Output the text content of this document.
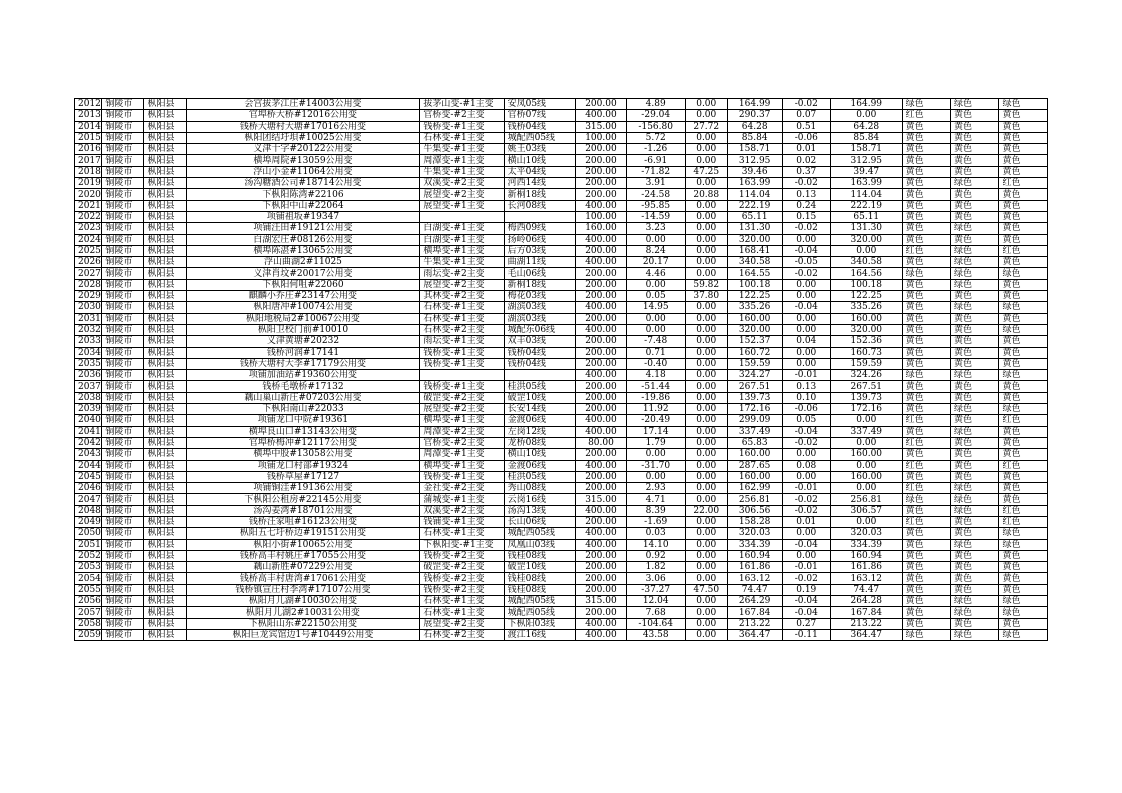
2012	铜陵市	枞阳县	会宫拔茅江庄#14003公用变	拔茅山变-#1主变	安凤05线	200.00	4.89	0.00	164.99	-0.02	164.99	绿色	绿色	绿色
2013	铜陵市	枞阳县	官埠桥大桥#12016公用变	官桥变-#2主变	官桥07线	400.00	-29.04	0.00	290.37	0.07	0.00	红色	黄色	黄色
2014	铜陵市	枞阳县	钱桥大塘村大塘#17016公用变	钱桥变-#1主变	钱桥04线	315.00	-156.80	27.72	64.28	0.51	64.28	黄色	黄色	黄色
2015	铜陵市	枞阳县	枞阳团结圩垻#10025公用变	石林变-#1主变	城配西05线	100.00	5.72	0.00	85.84	-0.06	85.84	黄色	黄色	黄色
2016	铜陵市	枞阳县	义津十字#20122公用变	牛集变-#1主变	姚王03线	200.00	-1.26	0.00	158.71	0.01	158.71	黄色	黄色	黄色
2017	铜陵市	枞阳县	横埠周院#13059公用变	周潭变-#1主变	横山10线	200.00	-6.91	0.00	312.95	0.02	312.95	黄色	黄色	黄色
2018	铜陵市	枞阳县	浮山小金#11064公用变	牛集变-#1主变	太平04线	200.00	-71.82	47.25	39.46	0.37	39.47	黄色	黄色	黄色
2019	铜陵市	枞阳县	汤沟糖酒公司#18714公用变	双溪变-#2主变	河西14线	200.00	3.91	0.00	163.99	-0.02	163.99	黄色	绿色	红色
2020	铜陵市	枞阳县	下枞阳陈湾#22106	展望变-#2主变	新桐18线	200.00	-24.58	20.88	114.04	0.13	114.04	黄色	黄色	黄色
2021	铜陵市	枞阳县	下枞阳中山#22064	展望变-#1主变	长河08线	400.00	-95.85	0.00	222.19	0.24	222.19	黄色	黄色	黄色
2022	铜陵市	枞阳县	项铺祖坂#19347			100.00	-14.59	0.00	65.11	0.15	65.11	黄色	黄色	黄色
2023	铜陵市	枞阳县	项铺汪田#19121公用变	白湖变-#1主变	梅西09线	160.00	3.23	0.00	131.30	-0.02	131.30	黄色	绿色	黄色
2024	铜陵市	枞阳县	白湖宏庄#08126公用变	白湖变-#1主变	扬岭06线	400.00	0.00	0.00	320.00	0.00	320.00	黄色	黄色	黄色
2025	铜陵市	枞阳县	横埠陈湛#13065公用变	横埠变-#1主变	后方03线	200.00	8.24	0.00	168.41	-0.04	0.00	红色	绿色	红色
2026	铜陵市	枞阳县	浮山曲湖2#11025	牛集变-#1主变	曲湖11线	400.00	20.17	0.00	340.58	-0.05	340.58	黄色	绿色	黄色
2027	铜陵市	枞阳县	义津肖坟#20017公用变	雨坛变-#2主变	毛山06线	200.00	4.46	0.00	164.55	-0.02	164.56	绿色	绿色	绿色
2028	铜陵市	枞阳县	下枞阳何咀#22060	展望变-#2主变	新桐18线	200.00	0.00	59.82	100.18	0.00	100.18	黄色	绿色	黄色
2029	铜陵市	枞阳县	麒麟小乔庄#23147公用变	其林变-#2主变	梅花03线	200.00	0.05	37.80	122.25	0.00	122.25	黄色	黄色	黄色
2030	铜陵市	枞阳县	枞阳唐冲#10074公用变	石林变-#1主变	湖滨03线	400.00	14.95	0.00	335.26	-0.04	335.26	黄色	绿色	绿色
2031	铜陵市	枞阳县	枞阳地税局2#10067公用变	石林变-#1主变	湖滨03线	200.00	0.00	0.00	160.00	0.00	160.00	黄色	黄色	黄色
2032	铜陵市	枞阳县	枞阳卫校门前#10010	石林变-#2主变	城配东06线	400.00	0.00	0.00	320.00	0.00	320.00	黄色	黄色	绿色
2033	铜陵市	枞阳县	义津黄塘#20232	雨坛变-#1主变	双丰03线	200.00	-7.48	0.00	152.37	0.04	152.36	黄色	黄色	黄色
2034	铜陵市	枞阳县	钱桥河润#17141	钱桥变-#1主变	钱桥04线	200.00	0.71	0.00	160.72	0.00	160.73	黄色	黄色	黄色
2035	铜陵市	枞阳县	钱桥大塘村大李#17179公用变	钱桥变-#1主变	钱桥04线	200.00	-0.40	0.00	159.59	0.00	159.59	黄色	黄色	黄色
2036	铜陵市	枞阳县	项铺加油站#19360公用变			400.00	4.18	0.00	324.27	-0.01	324.26	绿色	绿色	绿色
2037	铜陵市	枞阳县	钱桥毛墩桥#17132	钱桥变-#1主变	桂洪05线	200.00	-51.44	0.00	267.51	0.13	267.51	黄色	黄色	黄色
2038	铜陵市	枞阳县	藕山巢山新庄#07203公用变	破罡变-#2主变	破罡10线	200.00	-19.86	0.00	139.73	0.10	139.73	黄色	黄色	黄色
2039	铜陵市	枞阳县	下枞阳南山#22033	展望变-#2主变	长安14线	200.00	11.92	0.00	172.16	-0.06	172.16	黄色	绿色	绿色
2040	铜陵市	枞阳县	项铺龙口中院#19361	横埠变-#1主变	金渡06线	400.00	-20.49	0.00	299.09	0.05	0.00	红色	黄色	红色
2041	铜陵市	枞阳县	横埠良山口#13143公用变	周潭变-#2主变	左岗12线	400.00	17.14	0.00	337.49	-0.04	337.49	黄色	绿色	黄色
2042	铜陵市	枞阳县	官埠桥梅冲#12117公用变	官桥变-#2主变	龙桥08线	80.00	1.79	0.00	65.83	-0.02	0.00	红色	黄色	黄色
2043	铜陵市	枞阳县	横埠中股#13058公用变	周潭变-#1主变	横山10线	200.00	0.00	0.00	160.00	0.00	160.00	黄色	黄色	黄色
2044	铜陵市	枞阳县	项铺龙口村部#19324	横埠变-#1主变	金渡06线	400.00	-31.70	0.00	287.65	0.08	0.00	红色	黄色	红色
2045	铜陵市	枞阳县	钱桥草屋#17127	钱桥变-#1主变	桂洪05线	200.00	0.00	0.00	160.00	0.00	160.00	黄色	黄色	黄色
2046	铜陵市	枞阳县	项铺铜洼#19136公用变	金社变-#2主变	秀山08线	200.00	2.93	0.00	162.99	-0.01	0.00	红色	绿色	黄色
2047	铜陵市	枞阳县	下枞阳公租房#22145公用变	蒲城变-#1主变	云岗16线	315.00	4.71	0.00	256.81	-0.02	256.81	绿色	绿色	黄色
2048	铜陵市	枞阳县	汤沟姜湾#18701公用变	双溪变-#2主变	汤沟13线	400.00	8.39	22.00	306.56	-0.02	306.57	黄色	绿色	红色
2049	铜陵市	枞阳县	钱桥汪家咀#16123公用变	钱铺变-#1主变	长山06线	200.00	-1.69	0.00	158.28	0.01	0.00	红色	黄色	红色
2050	铜陵市	枞阳县	枞阳五七圩桥边#19151公用变	石林变-#1主变	城配西05线	400.00	0.03	0.00	320.03	0.00	320.03	黄色	黄色	绿色
2051	铜陵市	枞阳县	枞阳小街#10065公用变	下枞阳变-#1主变	凤凰山03线	400.00	14.10	0.00	334.39	-0.04	334.39	黄色	绿色	绿色
2052	铜陵市	枞阳县	钱桥高丰村姚庄#17055公用变	钱桥变-#2主变	钱桂08线	200.00	0.92	0.00	160.94	0.00	160.94	黄色	黄色	黄色
2053	铜陵市	枞阳县	藕山新胜#07229公用变	破罡变-#2主变	破罡10线	200.00	1.82	0.00	161.86	-0.01	161.86	黄色	黄色	黄色
2054	铜陵市	枞阳县	钱桥高丰村唐湾#17061公用变	钱桥变-#2主变	钱桂08线	200.00	3.06	0.00	163.12	-0.02	163.12	黄色	黄色	黄色
2055	铜陵市	枞阳县	钱桥镇宣庄村李湾#17107公用变	钱桥变-#2主变	钱桂08线	200.00	-37.27	47.50	74.47	0.19	74.47	黄色	黄色	黄色
2056	铜陵市	枞阳县	枞阳月儿湖#10030公用变	石林变-#1主变	城配西05线	315.00	12.04	0.00	264.29	-0.04	264.28	黄色	绿色	绿色
2057	铜陵市	枞阳县	枞阳月儿湖2#10031公用变	石林变-#1主变	城配西05线	200.00	7.68	0.00	167.84	-0.04	167.84	黄色	绿色	绿色
2058	铜陵市	枞阳县	下枞阳山东#22150公用变	展望变-#2主变	下枞阳03线	400.00	-104.64	0.00	213.22	0.27	213.22	黄色	黄色	黄色
2059	铜陵市	枞阳县	枞阳巨龙宾馆边1号#10449公用变	石林变-#2主变	渡江16线	400.00	43.58	0.00	364.47	-0.11	364.47	绿色	绿色	绿色
